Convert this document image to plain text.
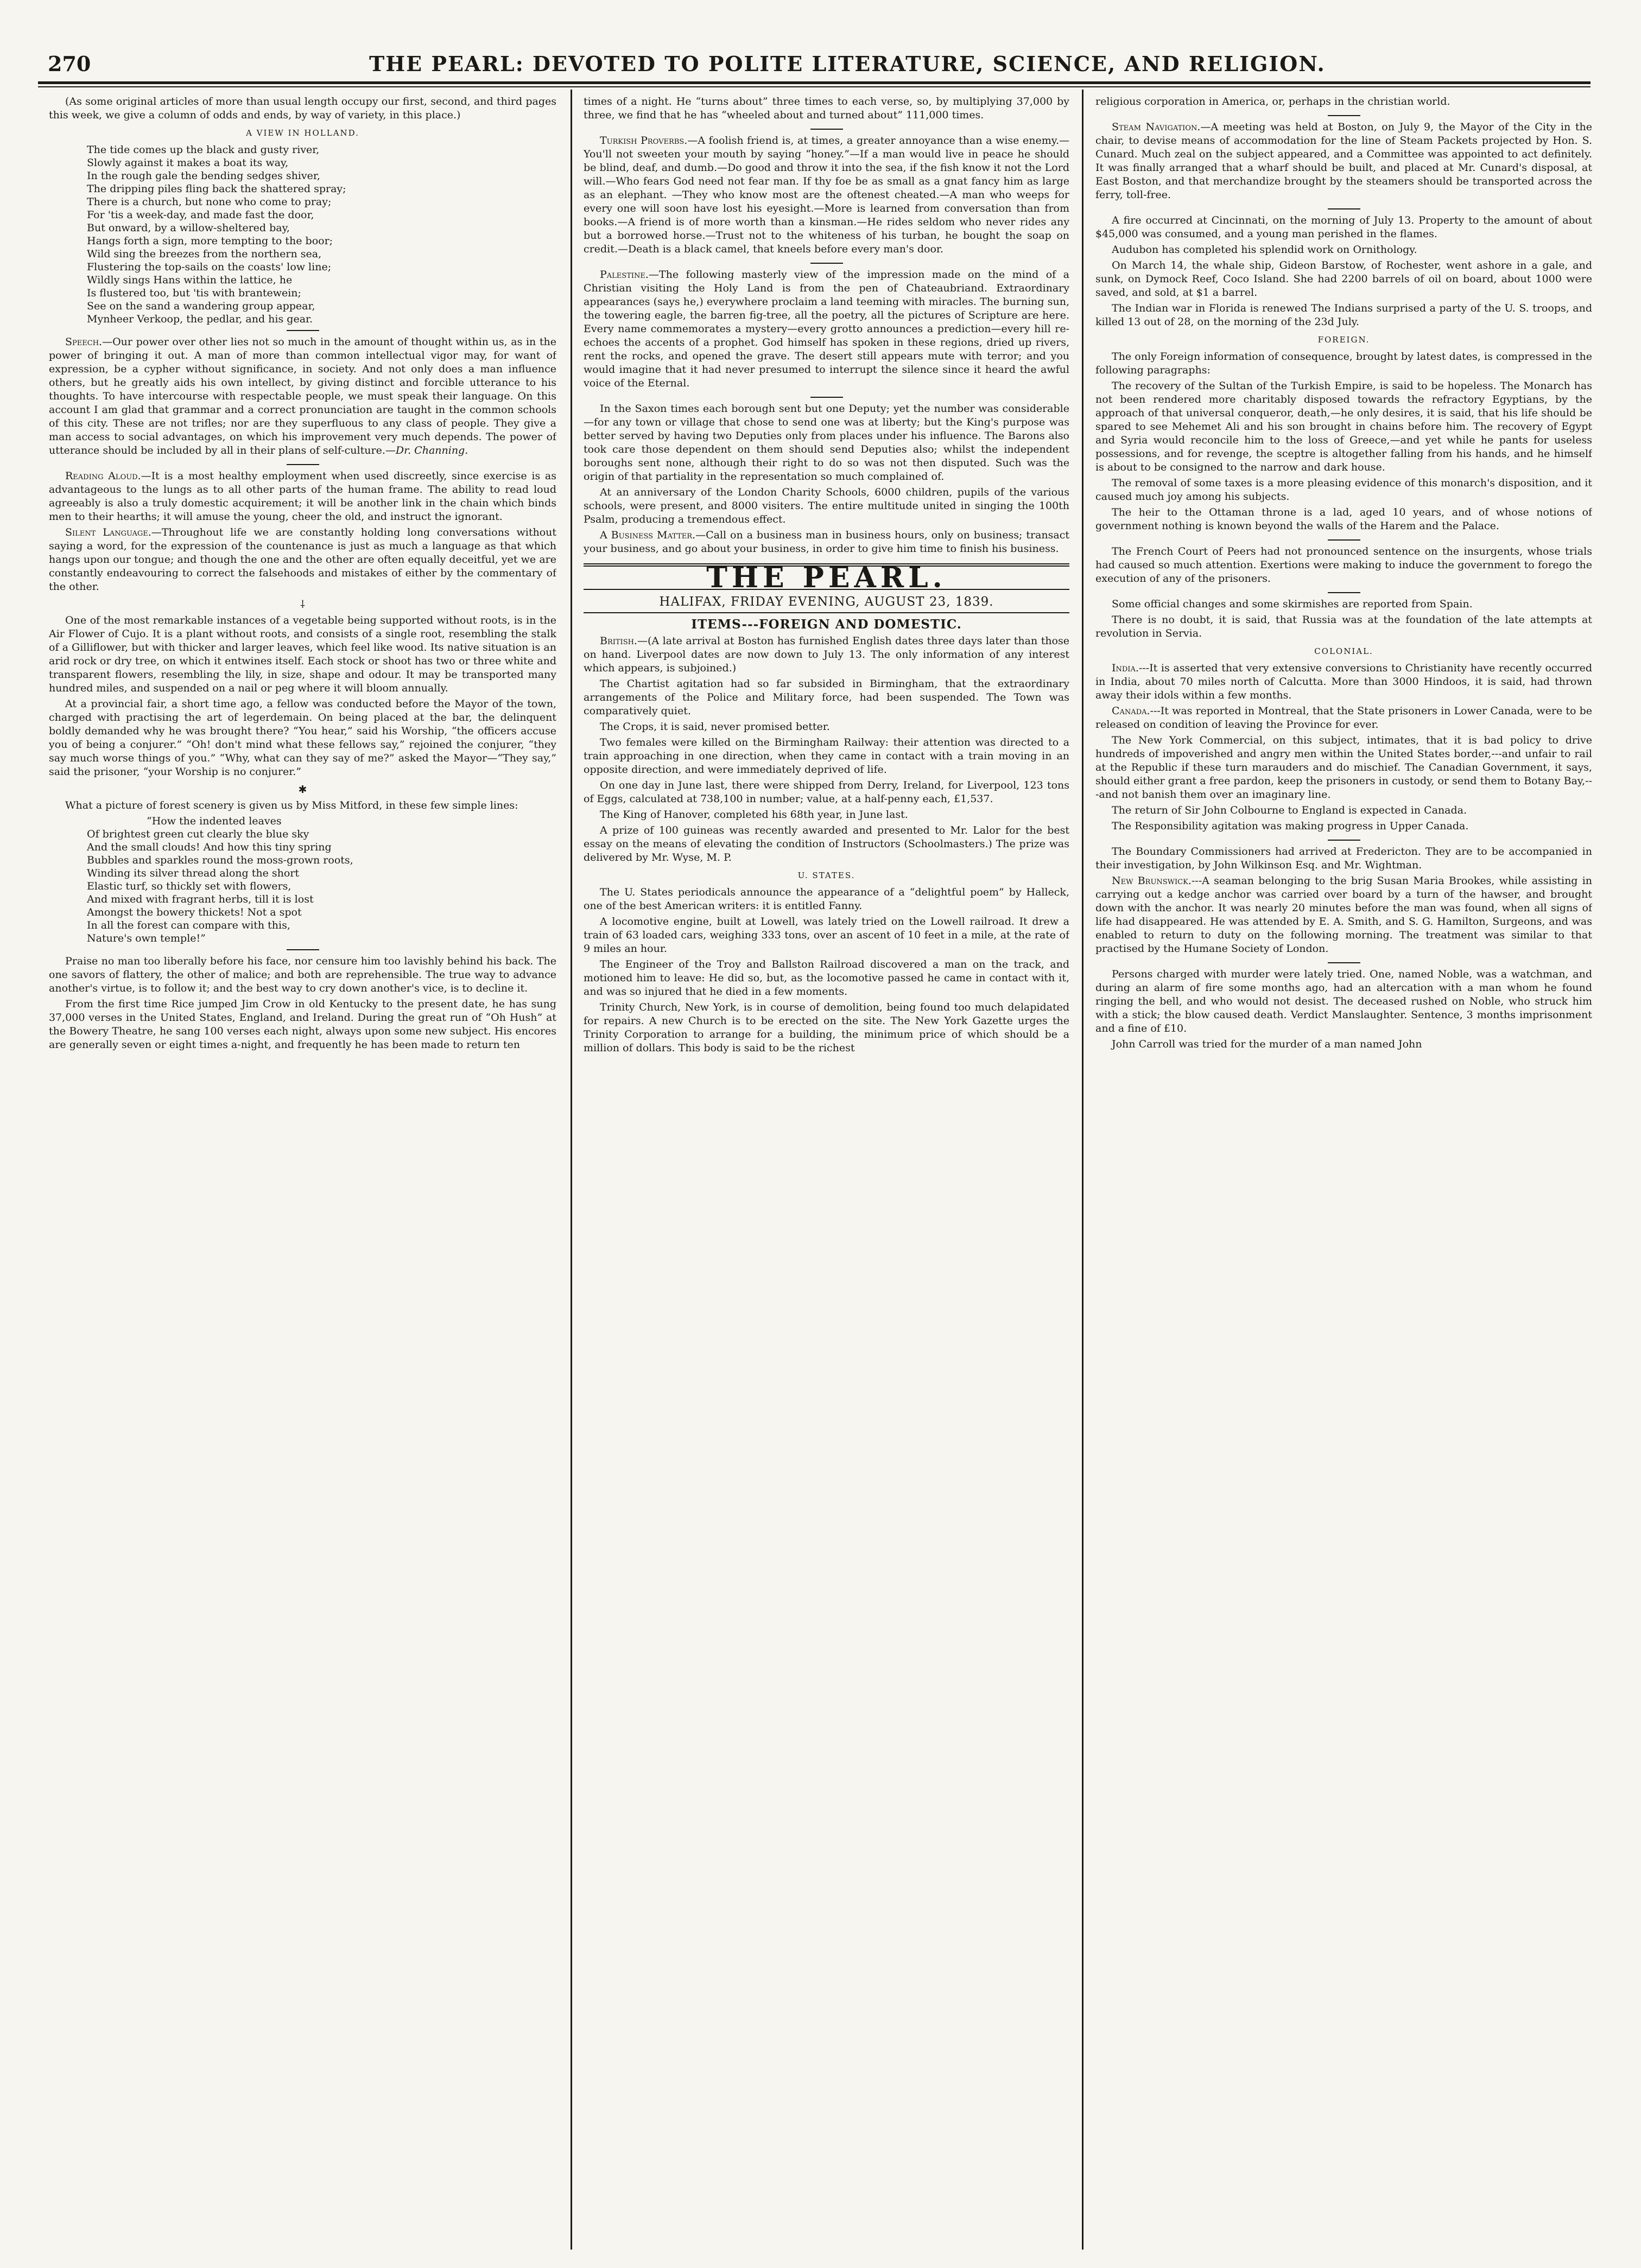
270	THE PEARL: DEVOTED TO POLITE LITERATURE, SCIENCE, AND RELIGION.

(As some original articles of more than usual length occupy our first, second, and third pages this week, we give a column of odds and ends, by way of variety, in this place.)

A VIEW IN HOLLAND.
The tide comes up the black and gusty river,
Slowly against it makes a boat its way,
In the rough gale the bending sedges shiver,
The dripping piles fling back the shattered spray;
There is a church, but none who come to pray;
For 'tis a week-day, and made fast the door,
But onward, by a willow-sheltered bay,
Hangs forth a sign, more tempting to the boor;
Wild sing the breezes from the northern sea,
Flustering the top-sails on the coasts' low line;
Wildly sings Hans within the lattice, he
Is flustered too, but 'tis with brantewein;
See on the sand a wandering group appear,
Mynheer Verkoop, the pedlar, and his gear.

Speech.—Our power over other lies not so much in the amount of thought within us, as in the power of bringing it out. A man of more than common intellectual vigor may, for want of expression, be a cypher without significance, in society. And not only does a man influence others, but he greatly aids his own intellect, by giving distinct and forcible utterance to his thoughts. To have intercourse with respectable people, we must speak their language. On this account I am glad that grammar and a correct pronunciation are taught in the common schools of this city. These are not trifles; nor are they superfluous to any class of people. They give a man access to social advantages, on which his improvement very much depends. The power of utterance should be included by all in their plans of self-culture.—Dr. Channing.

Reading Aloud.—It is a most healthy employment when used discreetly, since exercise is as advantageous to the lungs as to all other parts of the human frame. The ability to read loud agreeably is also a truly domestic acquirement; it will be another link in the chain which binds men to their hearths; it will amuse the young, cheer the old, and instruct the ignorant.

Silent Language.—Throughout life we are constantly holding long conversations without saying a word, for the expression of the countenance is just as much a language as that which hangs upon our tongue; and though the one and the other are often equally deceitful, yet we are constantly endeavouring to correct the falsehoods and mistakes of either by the commentary of the other.

⸸

One of the most remarkable instances of a vegetable being supported without roots, is in the Air Flower of Cujo. It is a plant without roots, and consists of a single root, resembling the stalk of a Gilliflower, but with thicker and larger leaves, which feel like wood. Its native situation is an arid rock or dry tree, on which it entwines itself. Each stock or shoot has two or three white and transparent flowers, resembling the lily, in size, shape and odour. It may be transported many hundred miles, and suspended on a nail or peg where it will bloom annually.

At a provincial fair, a short time ago, a fellow was conducted before the Mayor of the town, charged with practising the art of legerdemain. On being placed at the bar, the delinquent boldly demanded why he was brought there? “You hear,” said his Worship, “the officers accuse you of being a conjurer.” “Oh! don't mind what these fellows say,” rejoined the conjurer, “they say much worse things of you.” “Why, what can they say of me?” asked the Mayor—“They say,” said the prisoner, “your Worship is no conjurer.”

✱

What a picture of forest scenery is given us by Miss Mitford, in these few simple lines:

“How the indented leaves
Of brightest green cut clearly the blue sky
And the small clouds! And how this tiny spring
Bubbles and sparkles round the moss-grown roots,
Winding its silver thread along the short
Elastic turf, so thickly set with flowers,
And mixed with fragrant herbs, till it is lost
Amongst the bowery thickets! Not a spot
In all the forest can compare with this,
Nature's own temple!”

Praise no man too liberally before his face, nor censure him too lavishly behind his back. The one savors of flattery, the other of malice; and both are reprehensible. The true way to advance another's virtue, is to follow it; and the best way to cry down another's vice, is to decline it.

From the first time Rice jumped Jim Crow in old Kentucky to the present date, he has sung 37,000 verses in the United States, England, and Ireland. During the great run of “Oh Hush” at the Bowery Theatre, he sang 100 verses each night, always upon some new subject. His encores are generally seven or eight times a-night, and frequently he has been made to return ten

times of a night. He “turns about” three times to each verse, so, by multiplying 37,000 by three, we find that he has “wheeled about and turned about” 111,000 times.

Turkish Proverbs.—A foolish friend is, at times, a greater annoyance than a wise enemy.—You'll not sweeten your mouth by saying “honey.”—If a man would live in peace he should be blind, deaf, and dumb.—Do good and throw it into the sea, if the fish know it not the Lord will.—Who fears God need not fear man. If thy foe be as small as a gnat fancy him as large as an elephant. —They who know most are the oftenest cheated.—A man who weeps for every one will soon have lost his eyesight.—More is learned from conversation than from books.—A friend is of more worth than a kinsman.—He rides seldom who never rides any but a borrowed horse.—Trust not to the whiteness of his turban, he bought the soap on credit.—Death is a black camel, that kneels before every man's door.

Palestine.—The following masterly view of the impression made on the mind of a Christian visiting the Holy Land is from the pen of Chateaubriand. Extraordinary appearances (says he,) everywhere proclaim a land teeming with miracles. The burning sun, the towering eagle, the barren fig-tree, all the poetry, all the pictures of Scripture are here. Every name commemorates a mystery—every grotto announces a prediction—every hill re-echoes the accents of a prophet. God himself has spoken in these regions, dried up rivers, rent the rocks, and opened the grave. The desert still appears mute with terror; and you would imagine that it had never presumed to interrupt the silence since it heard the awful voice of the Eternal.

In the Saxon times each borough sent but one Deputy; yet the number was considerable—for any town or village that chose to send one was at liberty; but the King's purpose was better served by having two Deputies only from places under his influence. The Barons also took care those dependent on them should send Deputies also; whilst the independent boroughs sent none, although their right to do so was not then disputed. Such was the origin of that partiality in the representation so much complained of.

At an anniversary of the London Charity Schools, 6000 children, pupils of the various schools, were present, and 8000 visiters. The entire multitude united in singing the 100th Psalm, producing a tremendous effect.

A Business Matter.—Call on a business man in business hours, only on business; transact your business, and go about your business, in order to give him time to finish his business.

THE PEARL.
HALIFAX, FRIDAY EVENING, AUGUST 23, 1839.
ITEMS---FOREIGN AND DOMESTIC.

British.—(A late arrival at Boston has furnished English dates three days later than those on hand. Liverpool dates are now down to July 13. The only information of any interest which appears, is subjoined.)

The Chartist agitation had so far subsided in Birmingham, that the extraordinary arrangements of the Police and Military force, had been suspended. The Town was comparatively quiet.

The Crops, it is said, never promised better.

Two females were killed on the Birmingham Railway: their attention was directed to a train approaching in one direction, when they came in contact with a train moving in an opposite direction, and were immediately deprived of life.

On one day in June last, there were shipped from Derry, Ireland, for Liverpool, 123 tons of Eggs, calculated at 738,100 in number; value, at a half-penny each, £1,537.

The King of Hanover, completed his 68th year, in June last.

A prize of 100 guineas was recently awarded and presented to Mr. Lalor for the best essay on the means of elevating the condition of Instructors (Schoolmasters.) The prize was delivered by Mr. Wyse, M. P.

U. STATES.

The U. States periodicals announce the appearance of a “delightful poem” by Halleck, one of the best American writers: it is entitled Fanny.

A locomotive engine, built at Lowell, was lately tried on the Lowell railroad. It drew a train of 63 loaded cars, weighing 333 tons, over an ascent of 10 feet in a mile, at the rate of 9 miles an hour.

The Engineer of the Troy and Ballston Railroad discovered a man on the track, and motioned him to leave: He did so, but, as the locomotive passed he came in contact with it, and was so injured that he died in a few moments.

Trinity Church, New York, is in course of demolition, being found too much delapidated for repairs. A new Church is to be erected on the site. The New York Gazette urges the Trinity Corporation to arrange for a building, the minimum price of which should be a million of dollars. This body is said to be the richest

religious corporation in America, or, perhaps in the christian world.

Steam Navigation.—A meeting was held at Boston, on July 9, the Mayor of the City in the chair, to devise means of accommodation for the line of Steam Packets projected by Hon. S. Cunard. Much zeal on the subject appeared, and a Committee was appointed to act definitely. It was finally arranged that a wharf should be built, and placed at Mr. Cunard's disposal, at East Boston, and that merchandize brought by the steamers should be transported across the ferry, toll-free.

A fire occurred at Cincinnati, on the morning of July 13. Property to the amount of about $45,000 was consumed, and a young man perished in the flames.

Audubon has completed his splendid work on Ornithology.

On March 14, the whale ship, Gideon Barstow, of Rochester, went ashore in a gale, and sunk, on Dymock Reef, Coco Island. She had 2200 barrels of oil on board, about 1000 were saved, and sold, at $1 a barrel.

The Indian war in Florida is renewed The Indians surprised a party of the U. S. troops, and killed 13 out of 28, on the morning of the 23d July.

FOREIGN.

The only Foreign information of consequence, brought by latest dates, is compressed in the following paragraphs:

The recovery of the Sultan of the Turkish Empire, is said to be hopeless. The Monarch has not been rendered more charitably disposed towards the refractory Egyptians, by the approach of that universal conqueror, death,—he only desires, it is said, that his life should be spared to see Mehemet Ali and his son brought in chains before him. The recovery of Egypt and Syria would reconcile him to the loss of Greece,—and yet while he pants for useless possessions, and for revenge, the sceptre is altogether falling from his hands, and he himself is about to be consigned to the narrow and dark house.

The removal of some taxes is a more pleasing evidence of this monarch's disposition, and it caused much joy among his subjects.

The heir to the Ottaman throne is a lad, aged 10 years, and of whose notions of government nothing is known beyond the walls of the Harem and the Palace.

The French Court of Peers had not pronounced sentence on the insurgents, whose trials had caused so much attention. Exertions were making to induce the government to forego the execution of any of the prisoners.

Some official changes and some skirmishes are reported from Spain.

There is no doubt, it is said, that Russia was at the foundation of the late attempts at revolution in Servia.

COLONIAL.

India.---It is asserted that very extensive conversions to Christianity have recently occurred in India, about 70 miles north of Calcutta. More than 3000 Hindoos, it is said, had thrown away their idols within a few months.

Canada.---It was reported in Montreal, that the State prisoners in Lower Canada, were to be released on condition of leaving the Province for ever.

The New York Commercial, on this subject, intimates, that it is bad policy to drive hundreds of impoverished and angry men within the United States border,---and unfair to rail at the Republic if these turn marauders and do mischief. The Canadian Government, it says, should either grant a free pardon, keep the prisoners in custody, or send them to Botany Bay,---and not banish them over an imaginary line.

The return of Sir John Colbourne to England is expected in Canada.

The Responsibility agitation was making progress in Upper Canada.

The Boundary Commissioners had arrived at Fredericton. They are to be accompanied in their investigation, by John Wilkinson Esq. and Mr. Wightman.

New Brunswick.---A seaman belonging to the brig Susan Maria Brookes, while assisting in carrying out a kedge anchor was carried over board by a turn of the hawser, and brought down with the anchor. It was nearly 20 minutes before the man was found, when all signs of life had disappeared. He was attended by E. A. Smith, and S. G. Hamilton, Surgeons, and was enabled to return to duty on the following morning. The treatment was similar to that practised by the Humane Society of London.

Persons charged with murder were lately tried. One, named Noble, was a watchman, and during an alarm of fire some months ago, had an altercation with a man whom he found ringing the bell, and who would not desist. The deceased rushed on Noble, who struck him with a stick; the blow caused death. Verdict Manslaughter. Sentence, 3 months imprisonment and a fine of £10.

John Carroll was tried for the murder of a man named John
